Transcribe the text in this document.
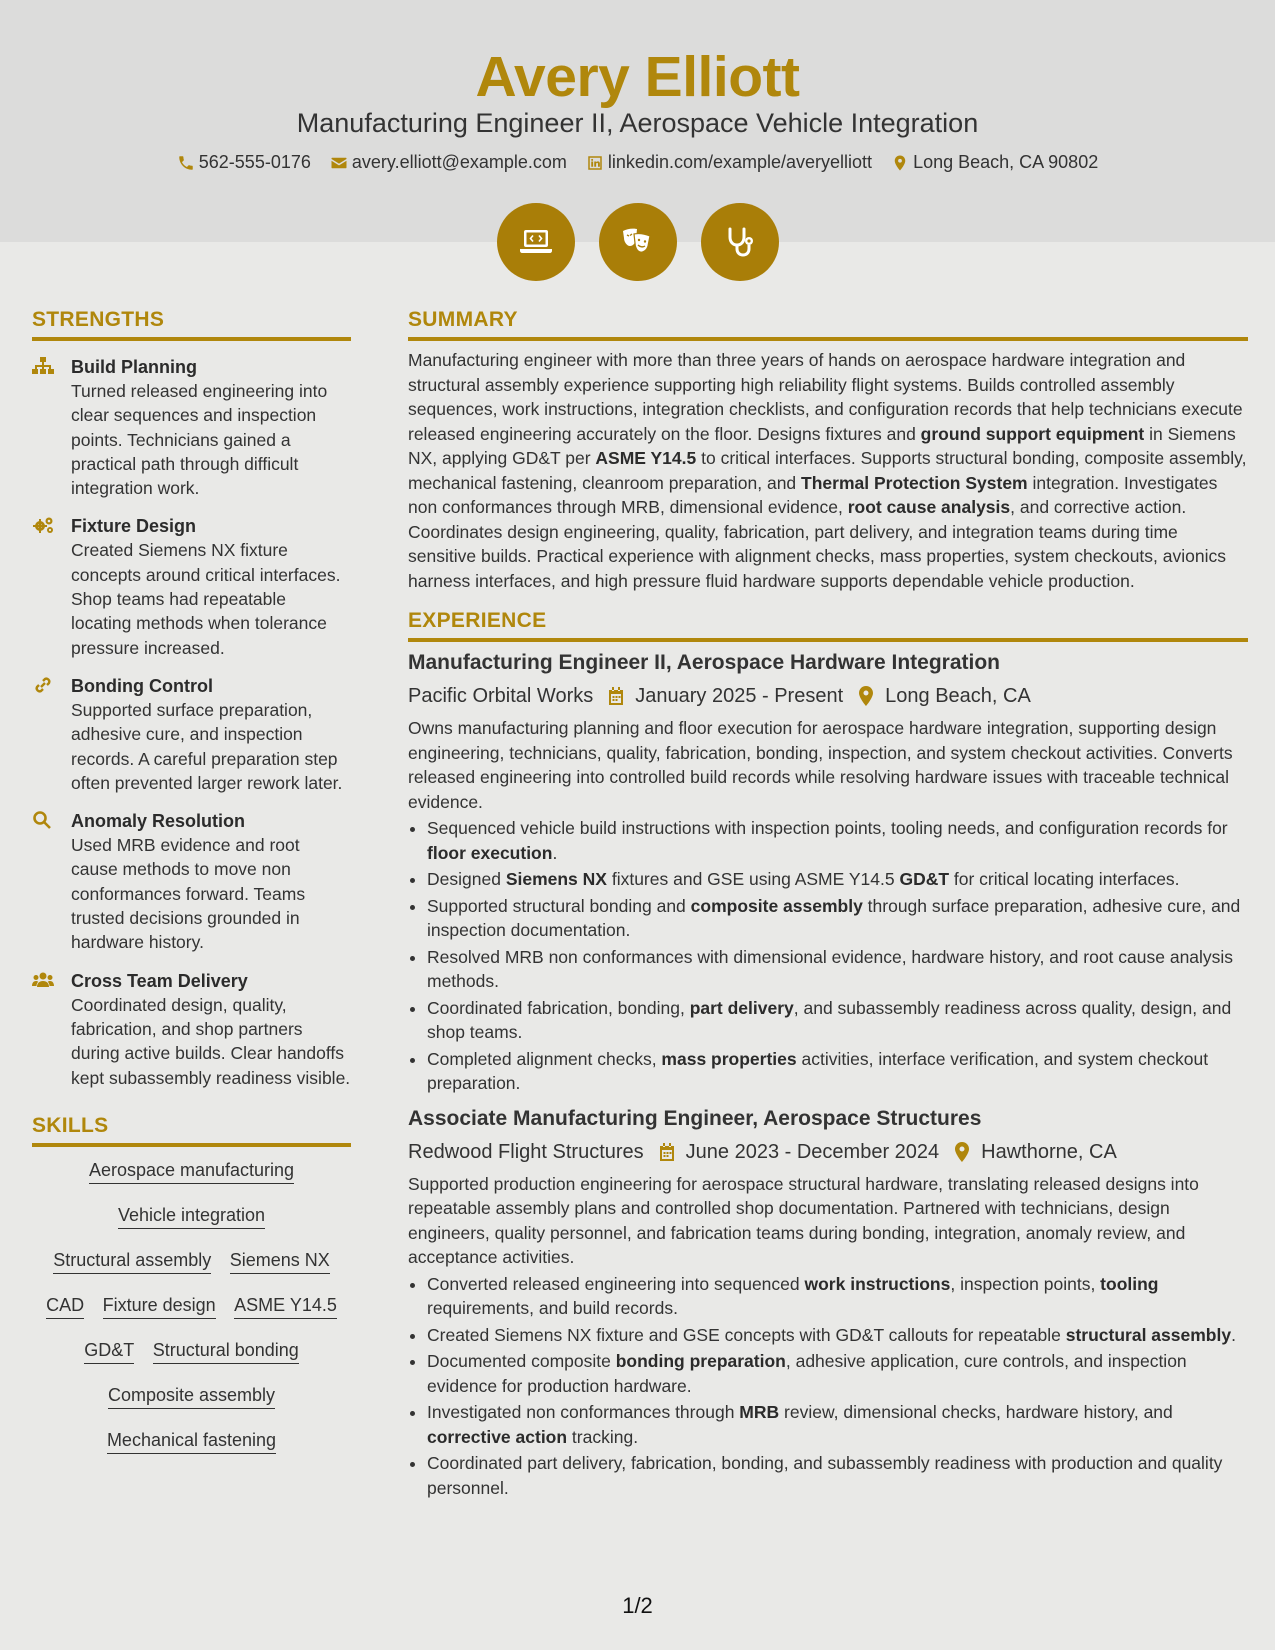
Avery Elliott
Manufacturing Engineer II, Aerospace Vehicle Integration
562-555-0176
avery.elliott@example.com
linkedin.com/example/averyelliott
Long Beach, CA 90802

STRENGTHS
Build Planning
Turned released engineering into clear sequences and inspection points. Technicians gained a practical path through difficult integration work.
Fixture Design
Created Siemens NX fixture concepts around critical interfaces. Shop teams had repeatable locating methods when tolerance pressure increased.
Bonding Control
Supported surface preparation, adhesive cure, and inspection records. A careful preparation step often prevented larger rework later.
Anomaly Resolution
Used MRB evidence and root cause methods to move non conformances forward. Teams trusted decisions grounded in hardware history.
Cross Team Delivery
Coordinated design, quality, fabrication, and shop partners during active builds. Clear handoffs kept subassembly readiness visible.
SKILLS
Aerospace manufacturing
Vehicle integration
Structural assembly Siemens NX
CAD Fixture design ASME Y14.5
GD&T Structural bonding
Composite assembly
Mechanical fastening
SUMMARY

Manufacturing engineer with more than three years of hands on aerospace hardware integration and structural assembly experience supporting high reliability flight systems. Builds controlled assembly sequences, work instructions, integration checklists, and configuration records that help technicians execute released engineering accurately on the floor. Designs fixtures and ground support equipment in Siemens NX, applying GD&T per ASME Y14.5 to critical interfaces. Supports structural bonding, composite assembly, mechanical fastening, cleanroom preparation, and Thermal Protection System integration. Investigates non conformances through MRB, dimensional evidence, root cause analysis, and corrective action. Coordinates design engineering, quality, fabrication, part delivery, and integration teams during time sensitive builds. Practical experience with alignment checks, mass properties, system checkouts, avionics harness interfaces, and high pressure fluid hardware supports dependable vehicle production.

EXPERIENCE
Manufacturing Engineer II, Aerospace Hardware Integration
Pacific Orbital Works January 2025 - Present Long Beach, CA

Owns manufacturing planning and floor execution for aerospace hardware integration, supporting design engineering, technicians, quality, fabrication, bonding, inspection, and system checkout activities. Converts released engineering into controlled build records while resolving hardware issues with traceable technical evidence.

• Sequenced vehicle build instructions with inspection points, tooling needs, and configuration records for floor execution.
• Designed Siemens NX fixtures and GSE using ASME Y14.5 GD&T for critical locating interfaces.
• Supported structural bonding and composite assembly through surface preparation, adhesive cure, and inspection documentation.
• Resolved MRB non conformances with dimensional evidence, hardware history, and root cause analysis methods.
• Coordinated fabrication, bonding, part delivery, and subassembly readiness across quality, design, and shop teams.
• Completed alignment checks, mass properties activities, interface verification, and system checkout preparation.
Associate Manufacturing Engineer, Aerospace Structures
Redwood Flight Structures June 2023 - December 2024 Hawthorne, CA

Supported production engineering for aerospace structural hardware, translating released designs into repeatable assembly plans and controlled shop documentation. Partnered with technicians, design engineers, quality personnel, and fabrication teams during bonding, integration, anomaly review, and acceptance activities.

• Converted released engineering into sequenced work instructions, inspection points, tooling requirements, and build records.
• Created Siemens NX fixture and GSE concepts with GD&T callouts for repeatable structural assembly.
• Documented composite bonding preparation, adhesive application, cure controls, and inspection evidence for production hardware.
• Investigated non conformances through MRB review, dimensional checks, hardware history, and corrective action tracking.
• Coordinated part delivery, fabrication, bonding, and subassembly readiness with production and quality personnel.
1/2
